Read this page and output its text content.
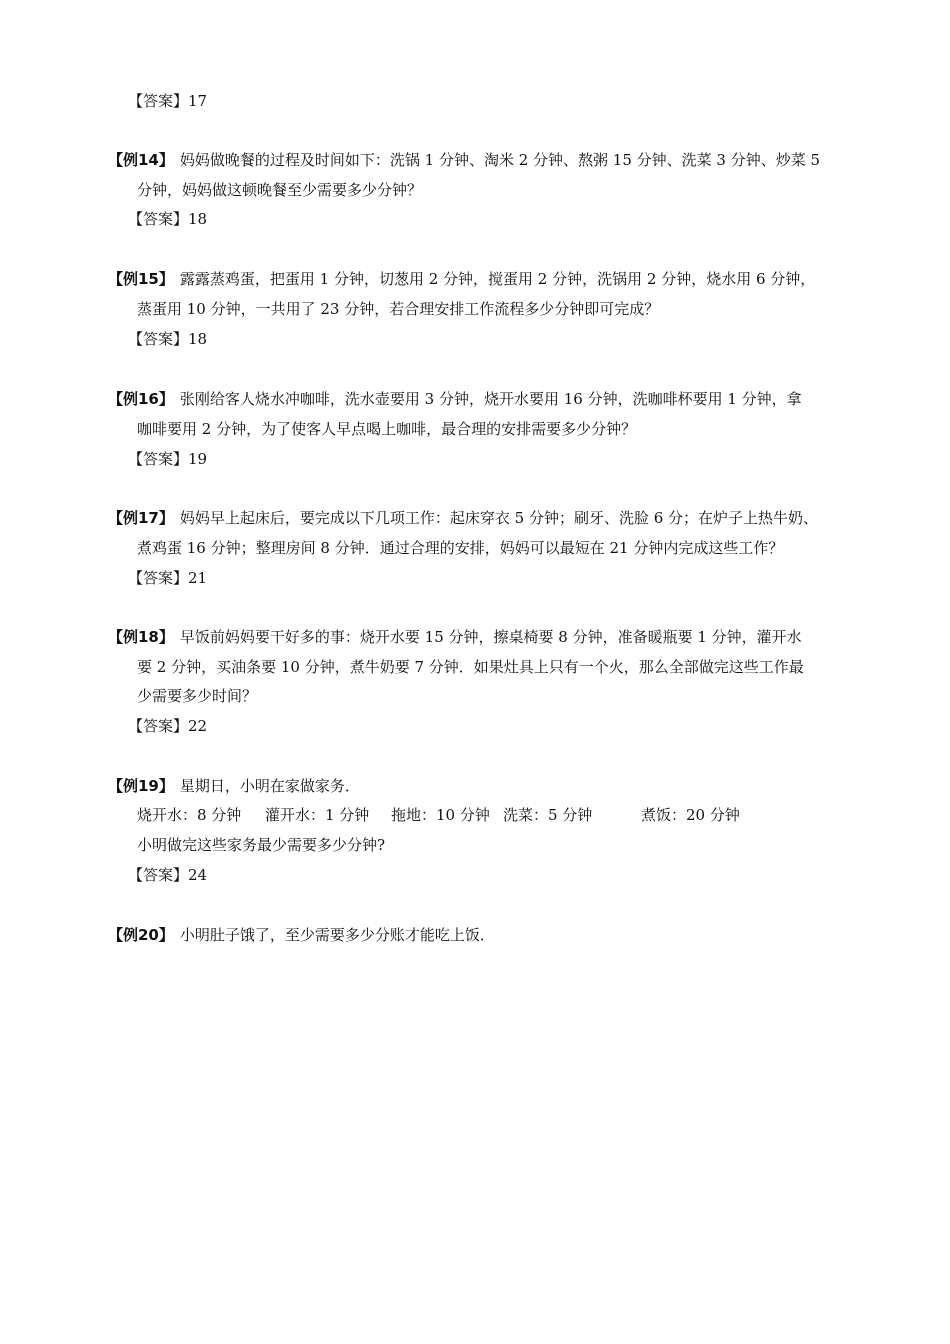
【答案】17
【例14】 妈妈做晚餐的过程及时间如下：洗锅 1 分钟、淘米 2 分钟、熬粥 15 分钟、洗菜 3 分钟、炒菜 5
分钟，妈妈做这顿晚餐至少需要多少分钟？
【答案】18
【例15】 露露蒸鸡蛋，把蛋用 1 分钟，切葱用 2 分钟，搅蛋用 2 分钟，洗锅用 2 分钟，烧水用 6 分钟，
蒸蛋用 10 分钟，一共用了 23 分钟，若合理安排工作流程多少分钟即可完成？
【答案】18
【例16】 张刚给客人烧水冲咖啡，洗水壶要用 3 分钟，烧开水要用 16 分钟，洗咖啡杯要用 1 分钟，拿
咖啡要用 2 分钟，为了使客人早点喝上咖啡，最合理的安排需要多少分钟？
【答案】19
【例17】 妈妈早上起床后，要完成以下几项工作：起床穿衣 5 分钟；刷牙、洗脸 6 分；在炉子上热牛奶、
煮鸡蛋 16 分钟；整理房间 8 分钟．通过合理的安排，妈妈可以最短在 21 分钟内完成这些工作？
【答案】21
【例18】 早饭前妈妈要干好多的事：烧开水要 15 分钟，擦桌椅要 8 分钟，准备暖瓶要 1 分钟，灌开水
要 2 分钟，买油条要 10 分钟，煮牛奶要 7 分钟．如果灶具上只有一个火，那么全部做完这些工作最
少需要多少时间？
【答案】22
【例19】 星期日，小明在家做家务．
烧开水：8 分钟 灌开水：1 分钟 拖地：10 分钟 洗菜：5 分钟	煮饭：20 分钟
小明做完这些家务最少需要多少分钟?
【答案】24
【例20】 小明肚子饿了，至少需要多少分账才能吃上饭．
